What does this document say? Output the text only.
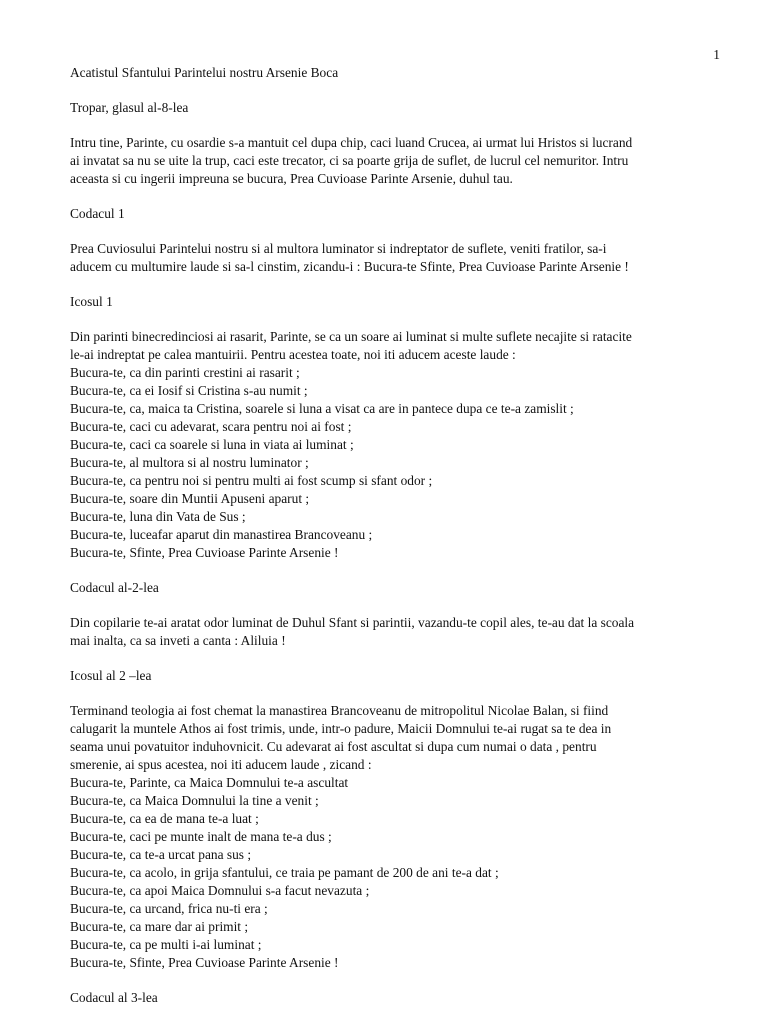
1
Acatistul Sfantului Parintelui nostru Arsenie Boca
Tropar, glasul al-8-lea
Intru tine, Parinte, cu osardie s-a mantuit cel dupa chip, caci luand Crucea, ai urmat lui Hristos si lucrand
ai invatat sa nu se uite la trup, caci este trecator, ci sa poarte grija de suflet, de lucrul cel nemuritor. Intru
aceasta si cu ingerii impreuna se bucura, Prea Cuvioase Parinte Arsenie, duhul tau.
Codacul 1
Prea Cuviosului Parintelui nostru si al multora luminator si indreptator de suflete, veniti fratilor, sa-i
aducem cu multumire laude si sa-l cinstim, zicandu-i : Bucura-te Sfinte, Prea Cuvioase Parinte Arsenie !
Icosul 1
Din parinti binecredinciosi ai rasarit, Parinte, se ca un soare ai luminat si multe suflete necajite si ratacite
le-ai indreptat pe calea mantuirii. Pentru acestea toate, noi iti aducem aceste laude :
Bucura-te, ca din parinti crestini ai rasarit ;
Bucura-te, ca ei Iosif si Cristina s-au numit ;
Bucura-te, ca, maica ta Cristina, soarele si luna a visat ca are in pantece dupa ce te-a zamislit ;
Bucura-te, caci cu adevarat, scara pentru noi ai fost ;
Bucura-te, caci ca soarele si luna in viata ai luminat ;
Bucura-te, al multora si al nostru luminator ;
Bucura-te, ca pentru noi si pentru multi ai fost scump si sfant odor ;
Bucura-te, soare din Muntii Apuseni aparut ;
Bucura-te, luna din Vata de Sus ;
Bucura-te, luceafar aparut din manastirea Brancoveanu ;
Bucura-te, Sfinte, Prea Cuvioase Parinte Arsenie !
Codacul al-2-lea
Din copilarie te-ai aratat odor luminat de Duhul Sfant si parintii, vazandu-te copil ales, te-au dat la scoala
mai inalta, ca sa inveti a canta : Aliluia !
Icosul al 2 –lea
Terminand teologia ai fost chemat la manastirea Brancoveanu de mitropolitul Nicolae Balan, si fiind
calugarit la muntele Athos ai fost trimis, unde, intr-o padure, Maicii Domnului te-ai rugat sa te dea in
seama unui povatuitor induhovnicit. Cu adevarat ai fost ascultat si dupa cum numai o data , pentru
smerenie, ai spus acestea, noi iti aducem laude , zicand :
Bucura-te, Parinte, ca Maica Domnului te-a ascultat
Bucura-te, ca Maica Domnului la tine a venit ;
Bucura-te, ca ea de mana te-a luat ;
Bucura-te, caci pe munte inalt de mana te-a dus ;
Bucura-te, ca te-a urcat pana sus ;
Bucura-te, ca acolo, in grija sfantului, ce traia pe pamant de 200 de ani te-a dat ;
Bucura-te, ca apoi Maica Domnului s-a facut nevazuta ;
Bucura-te, ca urcand, frica nu-ti era ;
Bucura-te, ca mare dar ai primit ;
Bucura-te, ca pe multi i-ai luminat ;
Bucura-te, Sfinte, Prea Cuvioase Parinte Arsenie !
Codacul al 3-lea
